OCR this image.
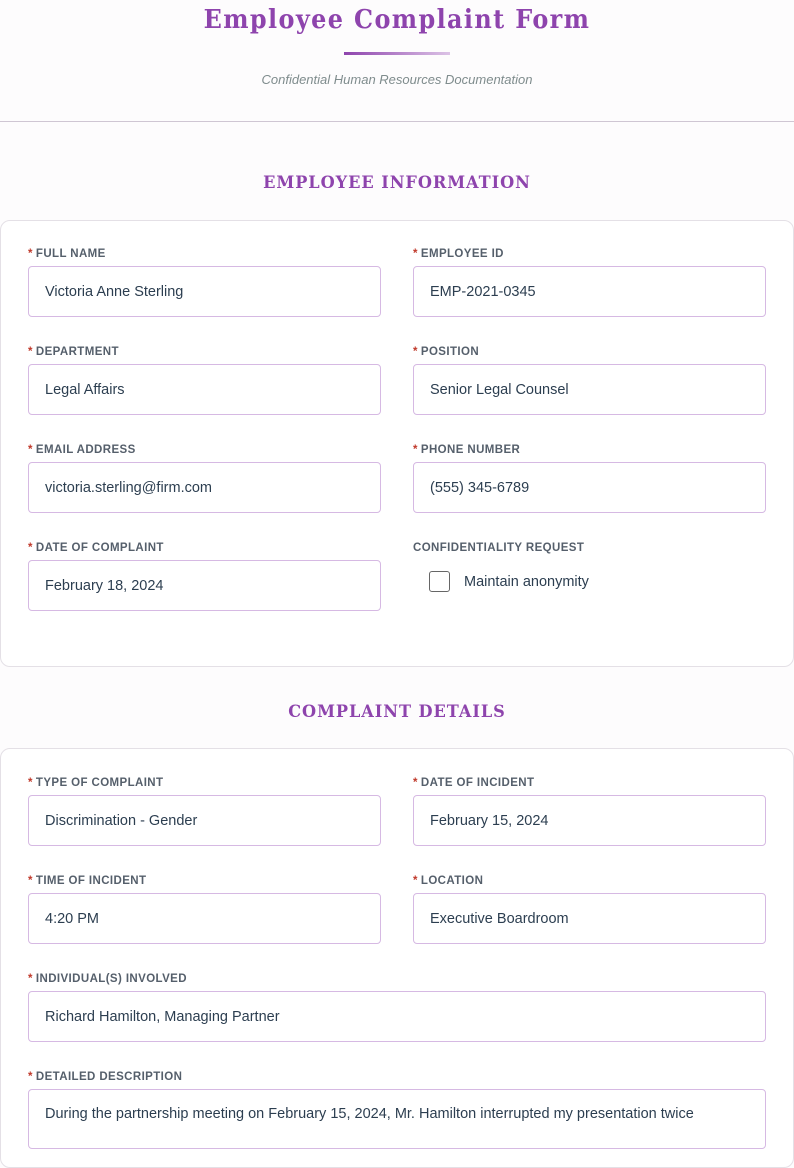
Employee Complaint Form
Confidential Human Resources Documentation
EMPLOYEE INFORMATION
* FULL NAME
Victoria Anne Sterling
* EMPLOYEE ID
EMP-2021-0345
* DEPARTMENT
Legal Affairs
* POSITION
Senior Legal Counsel
* EMAIL ADDRESS
victoria.sterling@firm.com
* PHONE NUMBER
(555) 345-6789
* DATE OF COMPLAINT
February 18, 2024
CONFIDENTIALITY REQUEST
Maintain anonymity
COMPLAINT DETAILS
* TYPE OF COMPLAINT
Discrimination - Gender
* DATE OF INCIDENT
February 15, 2024
* TIME OF INCIDENT
4:20 PM
* LOCATION
Executive Boardroom
* INDIVIDUAL(S) INVOLVED
Richard Hamilton, Managing Partner
* DETAILED DESCRIPTION
During the partnership meeting on February 15, 2024, Mr. Hamilton interrupted my presentation twice
